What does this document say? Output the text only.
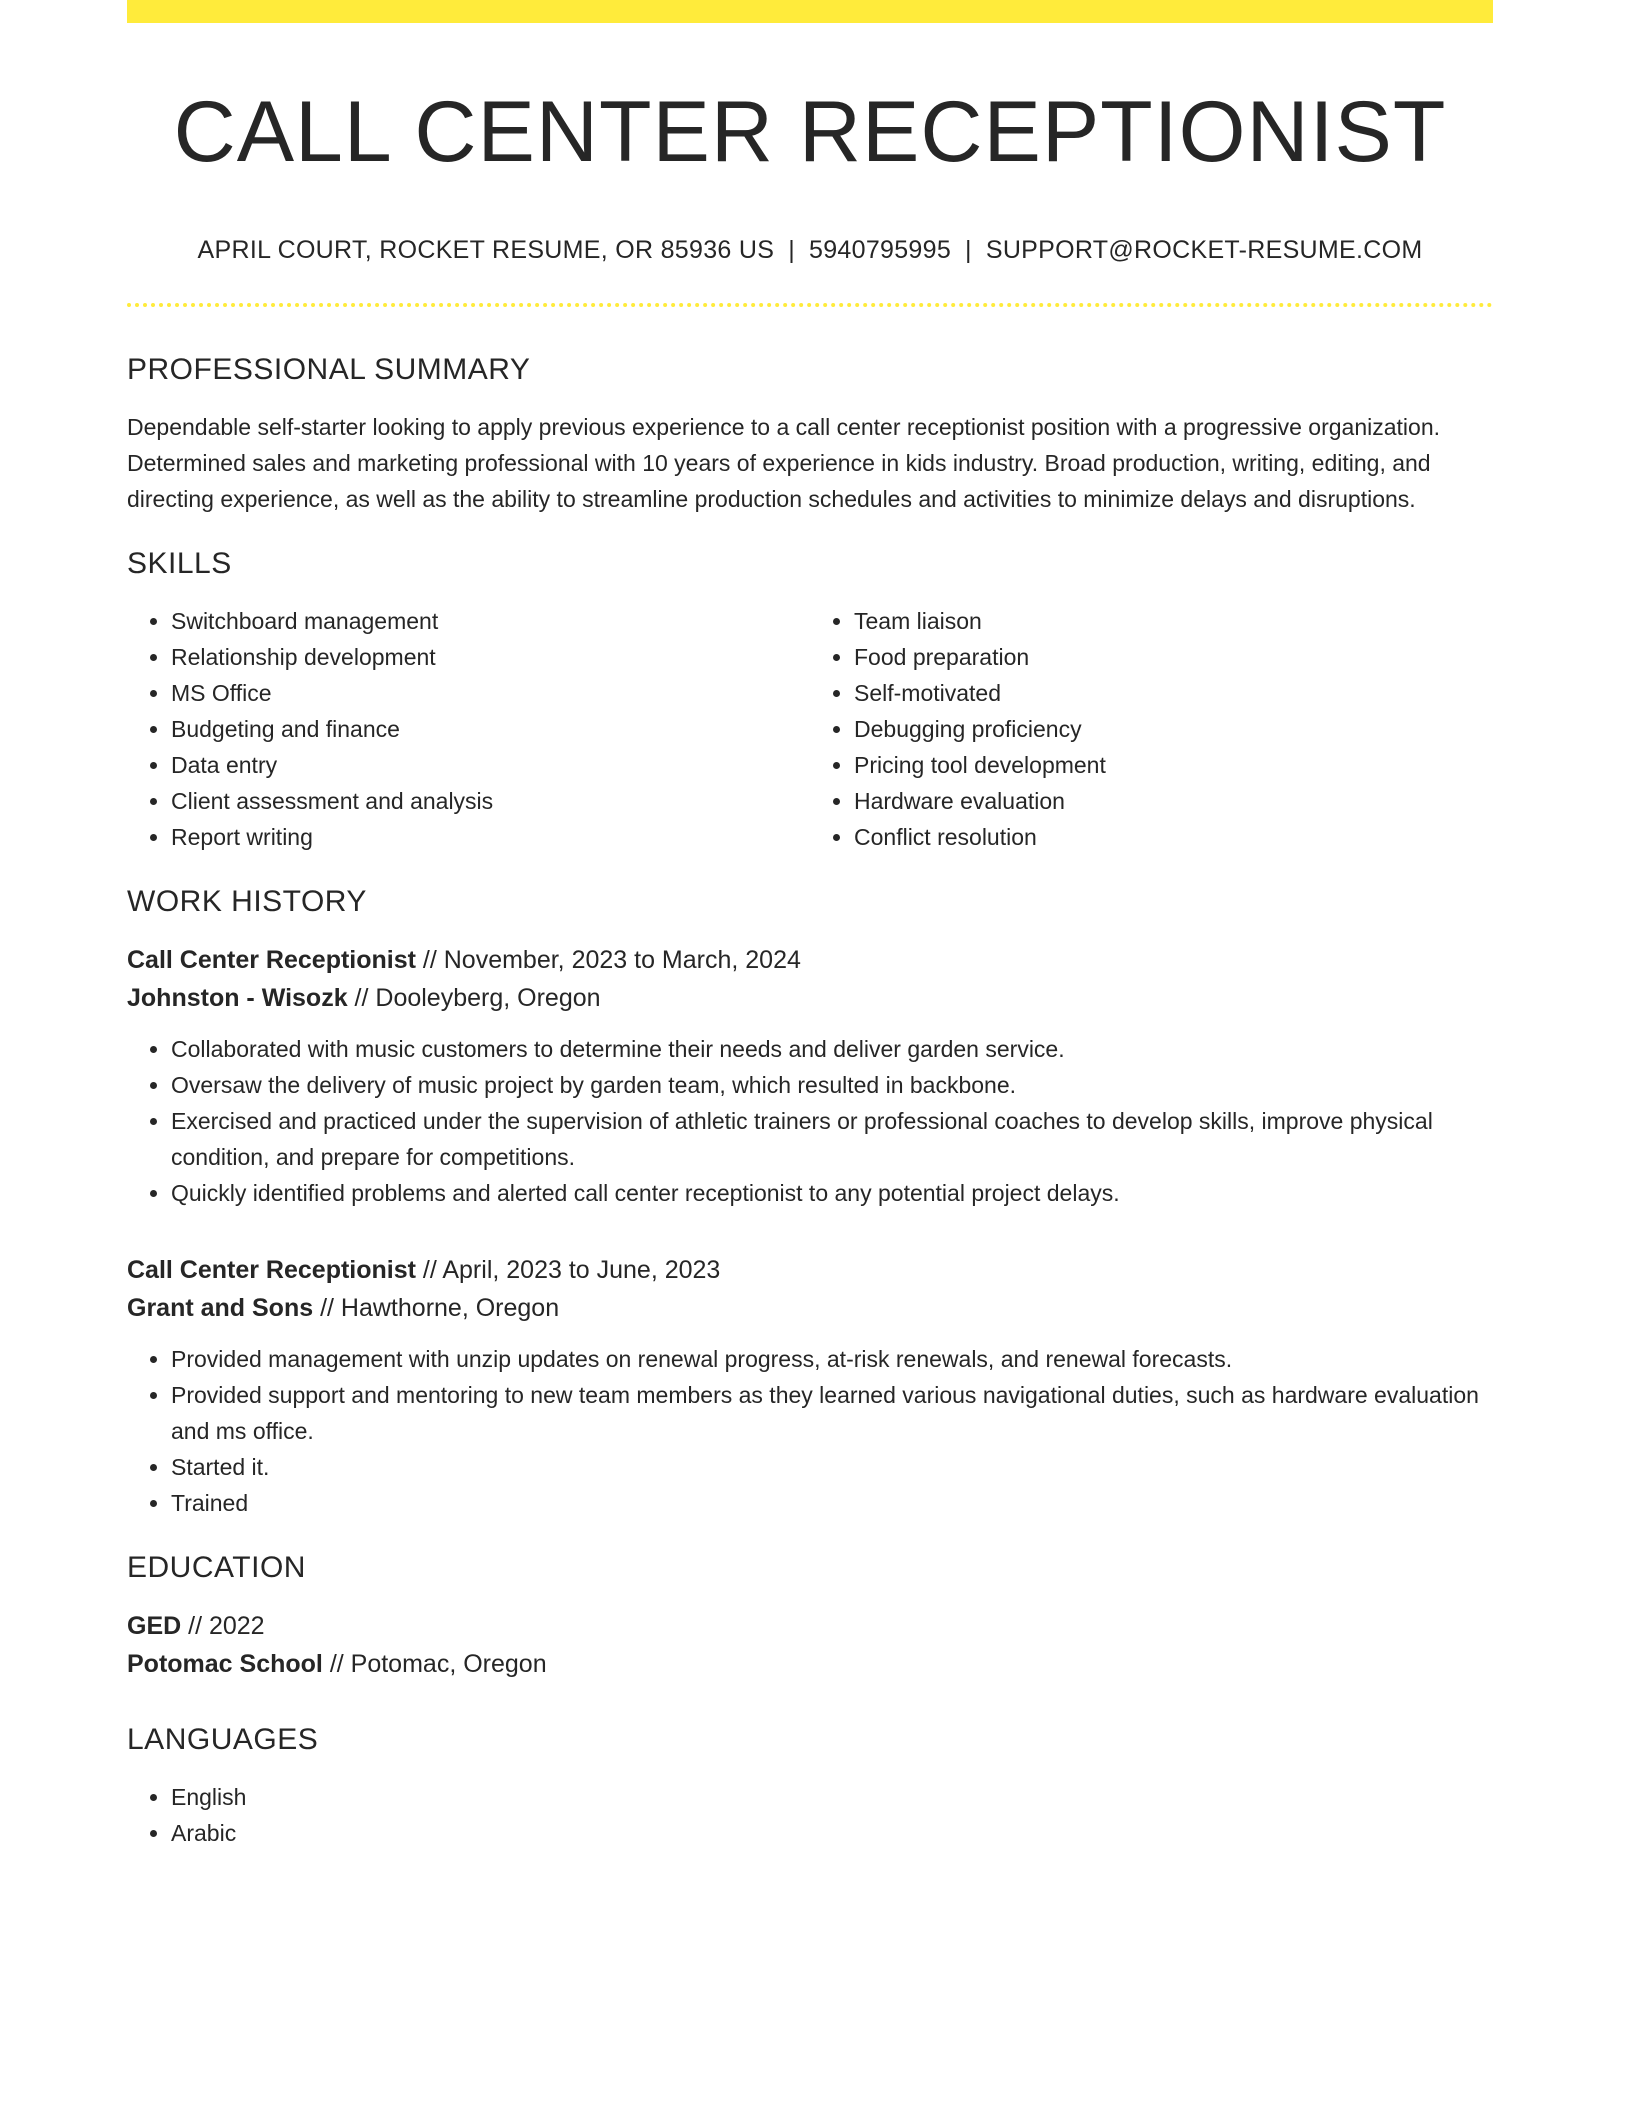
CALL CENTER RECEPTIONIST
APRIL COURT, ROCKET RESUME, OR 85936 US | 5940795995 | SUPPORT@ROCKET-RESUME.COM
PROFESSIONAL SUMMARY
Dependable self-starter looking to apply previous experience to a call center receptionist position with a progressive organization. Determined sales and marketing professional with 10 years of experience in kids industry. Broad production, writing, editing, and directing experience, as well as the ability to streamline production schedules and activities to minimize delays and disruptions.
SKILLS
• Switchboard management
• Relationship development
• MS Office
• Budgeting and finance
• Data entry
• Client assessment and analysis
• Report writing
• Team liaison
• Food preparation
• Self-motivated
• Debugging proficiency
• Pricing tool development
• Hardware evaluation
• Conflict resolution
WORK HISTORY
Call Center Receptionist // November, 2023 to March, 2024
Johnston - Wisozk // Dooleyberg, Oregon
• Collaborated with music customers to determine their needs and deliver garden service.
• Oversaw the delivery of music project by garden team, which resulted in backbone.
• Exercised and practiced under the supervision of athletic trainers or professional coaches to develop skills, improve physical condition, and prepare for competitions.
• Quickly identified problems and alerted call center receptionist to any potential project delays.
Call Center Receptionist // April, 2023 to June, 2023
Grant and Sons // Hawthorne, Oregon
• Provided management with unzip updates on renewal progress, at-risk renewals, and renewal forecasts.
• Provided support and mentoring to new team members as they learned various navigational duties, such as hardware evaluation and ms office.
• Started it.
• Trained
EDUCATION
GED // 2022
Potomac School // Potomac, Oregon
LANGUAGES
• English
• Arabic
